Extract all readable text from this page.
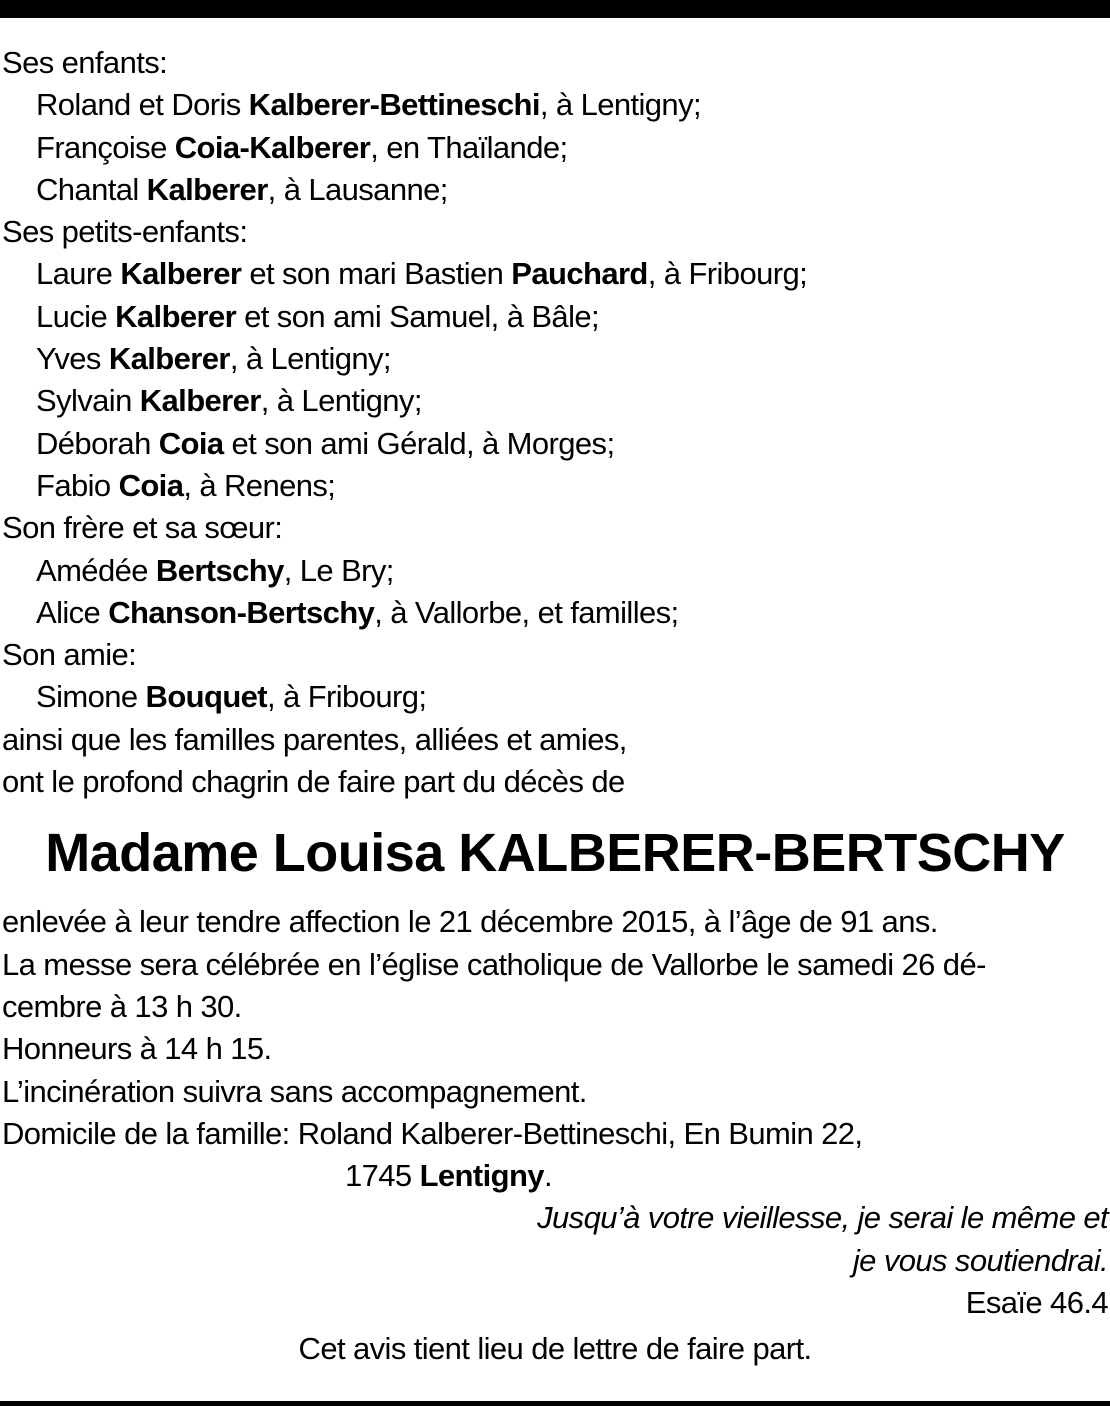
Ses enfants:
Roland et Doris Kalberer-Bettineschi, à Lentigny;
Françoise Coia-Kalberer, en Thaïlande;
Chantal Kalberer, à Lausanne;
Ses petits-enfants:
Laure Kalberer et son mari Bastien Pauchard, à Fribourg;
Lucie Kalberer et son ami Samuel, à Bâle;
Yves Kalberer, à Lentigny;
Sylvain Kalberer, à Lentigny;
Déborah Coia et son ami Gérald, à Morges;
Fabio Coia, à Renens;
Son frère et sa sœur:
Amédée Bertschy, Le Bry;
Alice Chanson-Bertschy, à Vallorbe, et familles;
Son amie:
Simone Bouquet, à Fribourg;
ainsi que les familles parentes, alliées et amies,
ont le profond chagrin de faire part du décès de
Madame Louisa KALBERER-BERTSCHY
enlevée à leur tendre affection le 21 décembre 2015, à l’âge de 91 ans.
La messe sera célébrée en l’église catholique de Vallorbe le samedi 26 dé-
cembre à 13 h 30.
Honneurs à 14 h 15.
L’incinération suivra sans accompagnement.
Domicile de la famille: Roland Kalberer-Bettineschi, En Bumin 22,
1745 Lentigny.
Jusqu’à votre vieillesse, je serai le même et
je vous soutiendrai.
Esaïe 46.4
Cet avis tient lieu de lettre de faire part.
